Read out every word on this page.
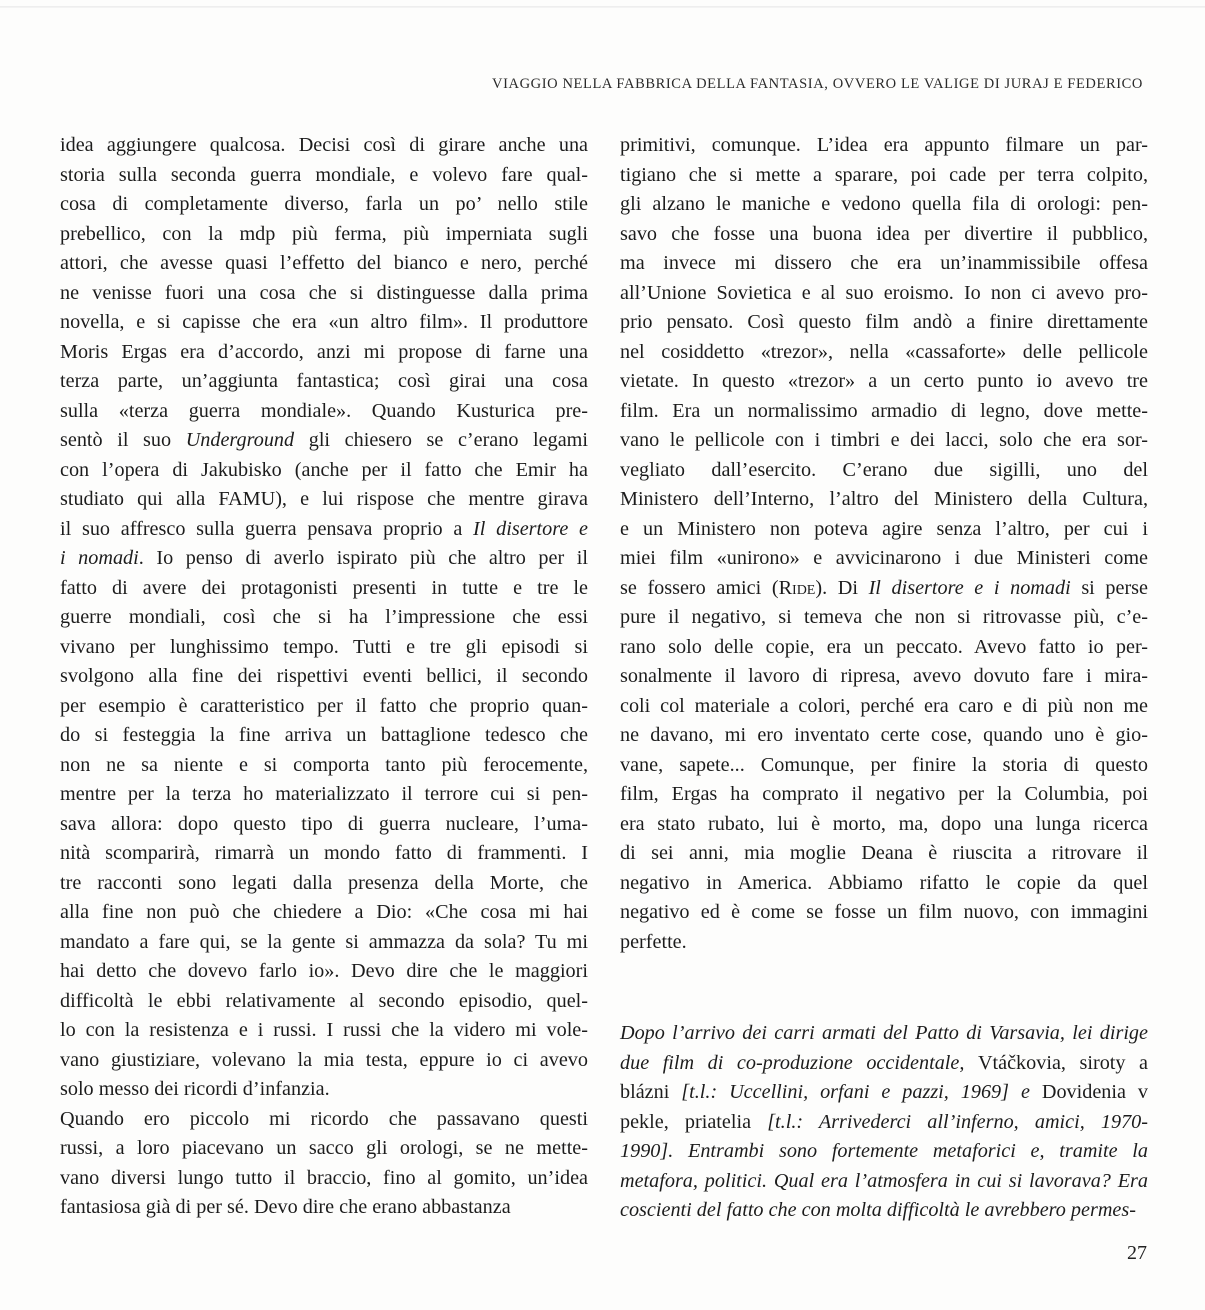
VIAGGIO NELLA FABBRICA DELLA FANTASIA, OVVERO LE VALIGE DI JURAJ E FEDERICO
idea aggiungere qualcosa. Decisi così di girare anche una
storia sulla seconda guerra mondiale, e volevo fare qual-
cosa di completamente diverso, farla un po’ nello stile
prebellico, con la mdp più ferma, più imperniata sugli
attori, che avesse quasi l’effetto del bianco e nero, perché
ne venisse fuori una cosa che si distinguesse dalla prima
novella, e si capisse che era «un altro film». Il produttore
Moris Ergas era d’accordo, anzi mi propose di farne una
terza parte, un’aggiunta fantastica; così girai una cosa
sulla «terza guerra mondiale». Quando Kusturica pre-
sentò il suo Underground gli chiesero se c’erano legami
con l’opera di Jakubisko (anche per il fatto che Emir ha
studiato qui alla FAMU), e lui rispose che mentre girava
il suo affresco sulla guerra pensava proprio a Il disertore e
i nomadi. Io penso di averlo ispirato più che altro per il
fatto di avere dei protagonisti presenti in tutte e tre le
guerre mondiali, così che si ha l’impressione che essi
vivano per lunghissimo tempo. Tutti e tre gli episodi si
svolgono alla fine dei rispettivi eventi bellici, il secondo
per esempio è caratteristico per il fatto che proprio quan-
do si festeggia la fine arriva un battaglione tedesco che
non ne sa niente e si comporta tanto più ferocemente,
mentre per la terza ho materializzato il terrore cui si pen-
sava allora: dopo questo tipo di guerra nucleare, l’uma-
nità scomparirà, rimarrà un mondo fatto di frammenti. I
tre racconti sono legati dalla presenza della Morte, che
alla fine non può che chiedere a Dio: «Che cosa mi hai
mandato a fare qui, se la gente si ammazza da sola? Tu mi
hai detto che dovevo farlo io». Devo dire che le maggiori
difficoltà le ebbi relativamente al secondo episodio, quel-
lo con la resistenza e i russi. I russi che la videro mi vole-
vano giustiziare, volevano la mia testa, eppure io ci avevo
solo messo dei ricordi d’infanzia.
Quando ero piccolo mi ricordo che passavano questi
russi, a loro piacevano un sacco gli orologi, se ne mette-
vano diversi lungo tutto il braccio, fino al gomito, un’idea
fantasiosa già di per sé. Devo dire che erano abbastanza
primitivi, comunque. L’idea era appunto filmare un par-
tigiano che si mette a sparare, poi cade per terra colpito,
gli alzano le maniche e vedono quella fila di orologi: pen-
savo che fosse una buona idea per divertire il pubblico,
ma invece mi dissero che era un’inammissibile offesa
all’Unione Sovietica e al suo eroismo. Io non ci avevo pro-
prio pensato. Così questo film andò a finire direttamente
nel cosiddetto «trezor», nella «cassaforte» delle pellicole
vietate. In questo «trezor» a un certo punto io avevo tre
film. Era un normalissimo armadio di legno, dove mette-
vano le pellicole con i timbri e dei lacci, solo che era sor-
vegliato dall’esercito. C’erano due sigilli, uno del
Ministero dell’Interno, l’altro del Ministero della Cultura,
e un Ministero non poteva agire senza l’altro, per cui i
miei film «unirono» e avvicinarono i due Ministeri come
se fossero amici (Ride). Di Il disertore e i nomadi si perse
pure il negativo, si temeva che non si ritrovasse più, c’e-
rano solo delle copie, era un peccato. Avevo fatto io per-
sonalmente il lavoro di ripresa, avevo dovuto fare i mira-
coli col materiale a colori, perché era caro e di più non me
ne davano, mi ero inventato certe cose, quando uno è gio-
vane, sapete... Comunque, per finire la storia di questo
film, Ergas ha comprato il negativo per la Columbia, poi
era stato rubato, lui è morto, ma, dopo una lunga ricerca
di sei anni, mia moglie Deana è riuscita a ritrovare il
negativo in America. Abbiamo rifatto le copie da quel
negativo ed è come se fosse un film nuovo, con immagini
perfette.
Dopo l’arrivo dei carri armati del Patto di Varsavia, lei dirige
due film di co-produzione occidentale, Vtáčkovia, siroty a
blázni [t.l.: Uccellini, orfani e pazzi, 1969] e Dovidenia v
pekle, priatelia [t.l.: Arrivederci all’inferno, amici, 1970-
1990]. Entrambi sono fortemente metaforici e, tramite la
metafora, politici. Qual era l’atmosfera in cui si lavorava? Era
coscienti del fatto che con molta difficoltà le avrebbero permes-
27
